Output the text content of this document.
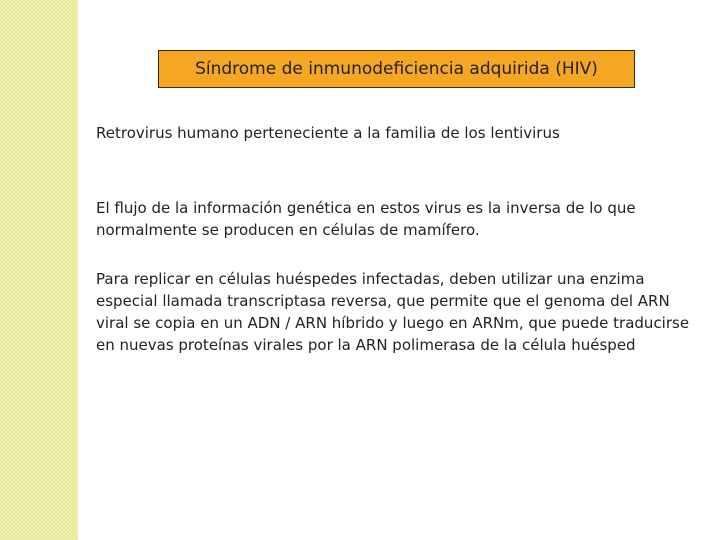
Síndrome de inmunodeficiencia adquirida (HIV)

Retrovirus humano perteneciente a la familia de los lentivirus

El flujo de la información genética en estos virus es la inversa de lo que normalmente se producen en células de mamífero.

Para replicar en células huéspedes infectadas, deben utilizar una enzima especial llamada transcriptasa reversa, que permite que el genoma del ARN viral se copia en un ADN / ARN híbrido y luego en ARNm, que puede traducirse en nuevas proteínas virales por la ARN polimerasa de la célula huésped
